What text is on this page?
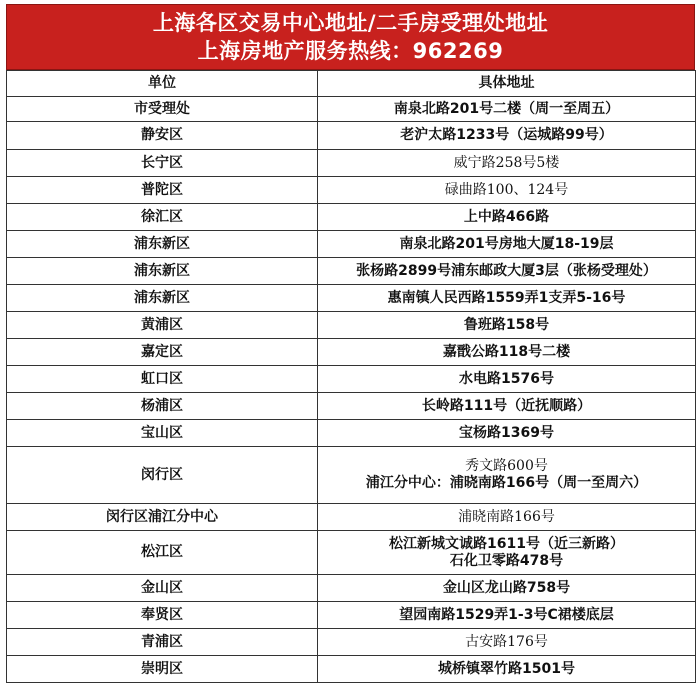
上海各区交易中心地址/二手房受理处地址
上海房地产服务热线：962269
单位	具体地址
市受理处	南泉北路201号二楼（周一至周五）

静安区	老沪太路1233号（运城路99号）

长宁区	威宁路258号5楼

普陀区	碌曲路100、124号

徐汇区	上中路466路

浦东新区	南泉北路201号房地大厦18-19层

浦东新区	张杨路2899号浦东邮政大厦3层（张杨受理处）

浦东新区	惠南镇人民西路1559弄1支弄5-16号

黄浦区	鲁班路158号

嘉定区	嘉戬公路118号二楼

虹口区	水电路1576号

杨浦区	长岭路111号（近抚顺路）

宝山区	宝杨路1369号

闵行区	秀文路600号
浦江分中心：浦晓南路166号（周一至周六）

闵行区浦江分中心	浦晓南路166号

松江区	松江新城文诚路1611号（近三新路）
石化卫零路478号

金山区	金山区龙山路758号

奉贤区	望园南路1529弄1-3号C裙楼底层

青浦区	古安路176号

崇明区	城桥镇翠竹路1501号
